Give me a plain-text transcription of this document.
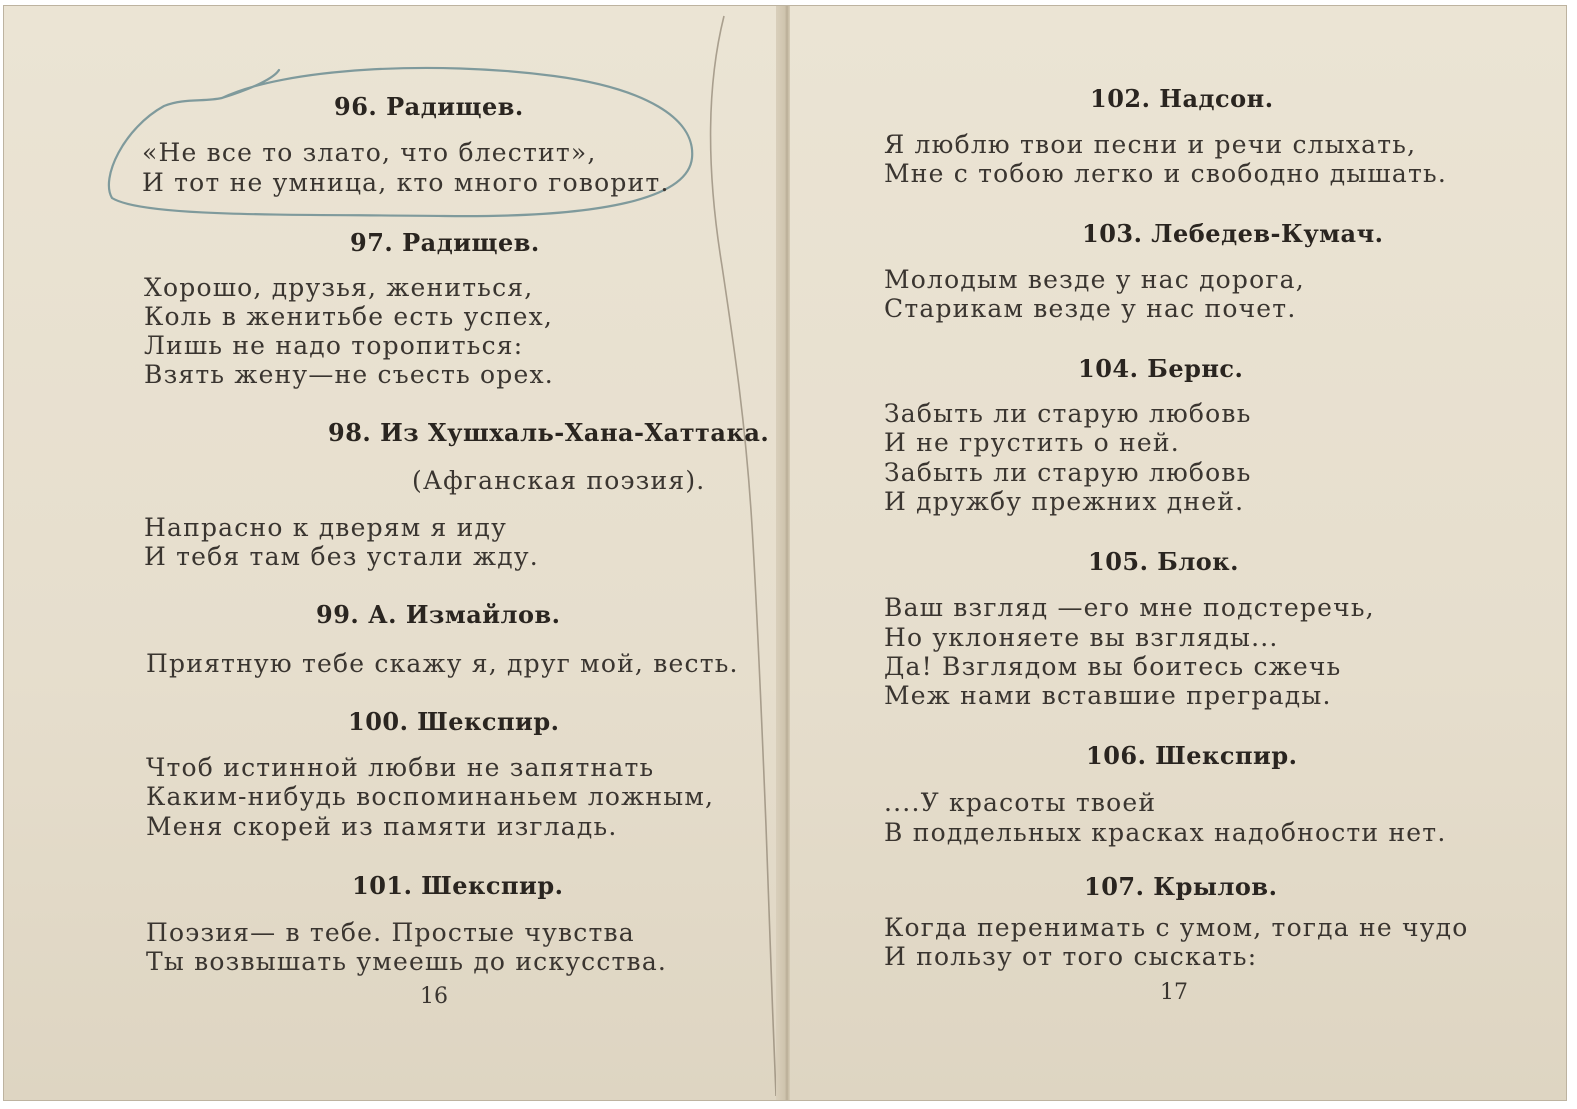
96. Радищев.
«Не все то злато, что блестит»,
И тот не умница, кто много говорит.
97. Радищев.
Хорошо, друзья, жениться,
Коль в женитьбе есть успех,
Лишь не надо торопиться:
Взять жену—не съесть орех.
98. Из Хушхаль-Хана-Хаттака.
(Афганская поэзия).
Напрасно к дверям я иду
И тебя там без устали жду.
99. А. Измайлов.
Приятную тебе скажу я, друг мой, весть.
100. Шекспир.
Чтоб истинной любви не запятнать
Каким-нибудь воспоминаньем ложным,
Меня скорей из памяти изгладь.
101. Шекспир.
Поэзия— в тебе. Простые чувства
Ты возвышать умеешь до искусства.
16
102. Надсон.
Я люблю твои песни и речи слыхать,
Мне с тобою легко и свободно дышать.
103. Лебедев-Кумач.
Молодым везде у нас дорога,
Старикам везде у нас почет.
104. Бернс.
Забыть ли старую любовь
И не грустить о ней.
Забыть ли старую любовь
И дружбу прежних дней.
105. Блок.
Ваш взгляд —его мне подстеречь,
Но уклоняете вы взгляды...
Да! Взглядом вы боитесь сжечь
Меж нами вставшие преграды.
106. Шекспир.
....У красоты твоей
В поддельных красках надобности нет.
107. Крылов.
Когда перенимать с умом, тогда не чудо
И пользу от того сыскать:
17
